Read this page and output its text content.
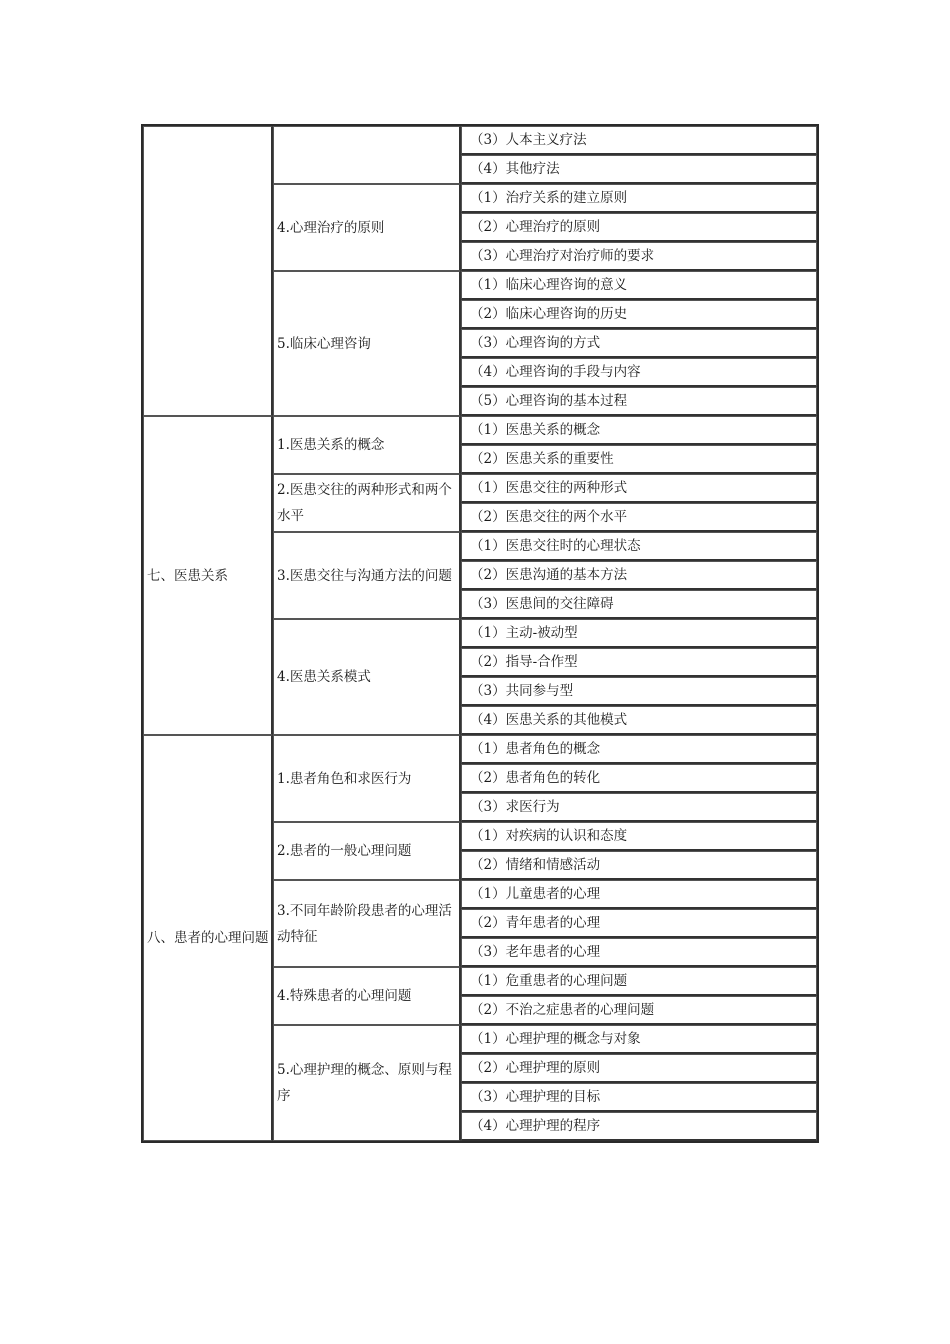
		（3）人本主义疗法
		（4）其他疗法
	4.心理治疗的原则	（1）治疗关系的建立原则
		（2）心理治疗的原则
		（3）心理治疗对治疗师的要求
	5.临床心理咨询	（1）临床心理咨询的意义
		（2）临床心理咨询的历史
		（3）心理咨询的方式
		（4）心理咨询的手段与内容
		（5）心理咨询的基本过程
七、医患关系	1.医患关系的概念	（1）医患关系的概念
		（2）医患关系的重要性
	2.医患交往的两种形式和两个水平	（1）医患交往的两种形式
		（2）医患交往的两个水平
	3.医患交往与沟通方法的问题	（1）医患交往时的心理状态
		（2）医患沟通的基本方法
		（3）医患间的交往障碍
	4.医患关系模式	（1）主动-被动型
		（2）指导-合作型
		（3）共同参与型
		（4）医患关系的其他模式
八、患者的心理问题	1.患者角色和求医行为	（1）患者角色的概念
		（2）患者角色的转化
		（3）求医行为
	2.患者的一般心理问题	（1）对疾病的认识和态度
		（2）情绪和情感活动
	3.不同年龄阶段患者的心理活动特征	（1）儿童患者的心理
		（2）青年患者的心理
		（3）老年患者的心理
	4.特殊患者的心理问题	（1）危重患者的心理问题
		（2）不治之症患者的心理问题
	5.心理护理的概念、原则与程序	（1）心理护理的概念与对象
		（2）心理护理的原则
		（3）心理护理的目标
		（4）心理护理的程序
